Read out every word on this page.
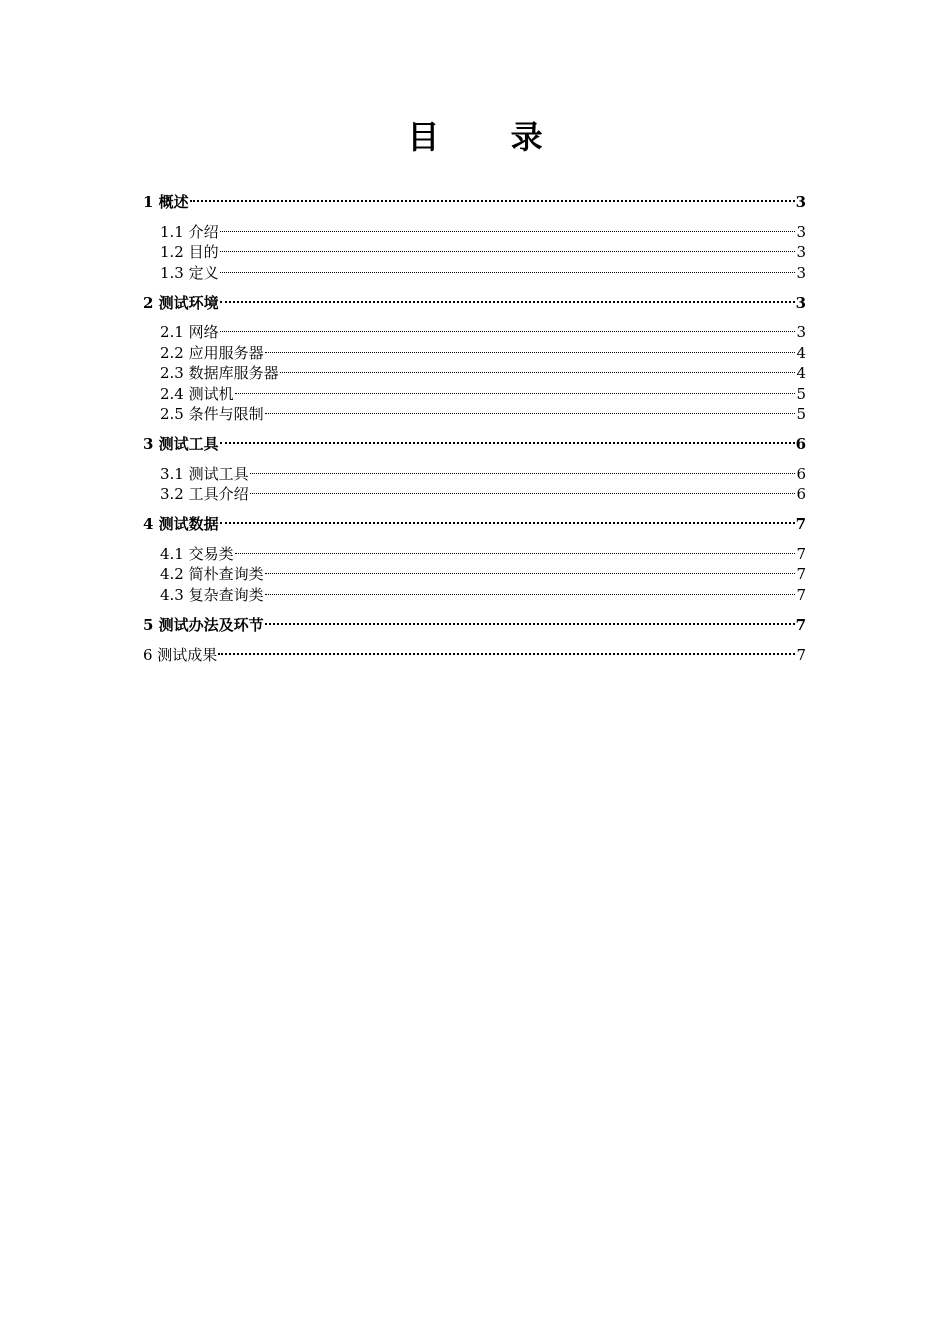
目 录
1 概述	3
1.1 介绍	3
1.2 目的	3
1.3 定义	3
2 测试环境	3
2.1 网络	3
2.2 应用服务器	4
2.3 数据库服务器	4
2.4 测试机	5
2.5 条件与限制	5
3 测试工具	6
3.1 测试工具	6
3.2 工具介绍	6
4 测试数据	7
4.1 交易类	7
4.2 简朴查询类	7
4.3 复杂查询类	7
5 测试办法及环节	7
6 测试成果	7
